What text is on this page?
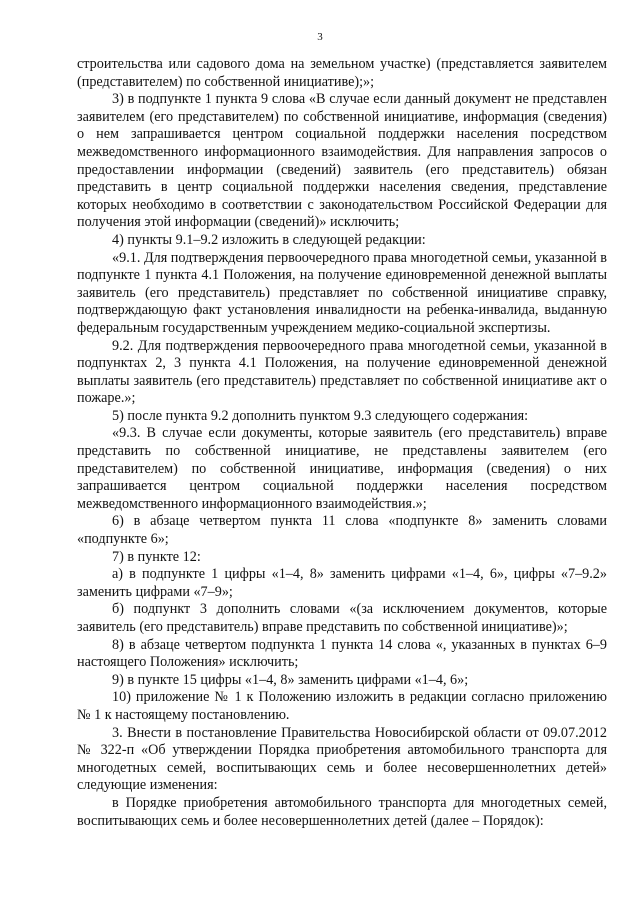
3

строительства или садового дома на земельном участке) (представляется заявителем (представителем) по собственной инициативе);»;

3) в подпункте 1 пункта 9 слова «В случае если данный документ не представлен заявителем (его представителем) по собственной инициативе, информация (сведения) о нем запрашивается центром социальной поддержки населения посредством межведомственного информационного взаимодействия. Для направления запросов о предоставлении информации (сведений) заявитель (его представитель) обязан представить в центр социальной поддержки населения сведения, представление которых необходимо в соответствии с законодательством Российской Федерации для получения этой информации (сведений)» исключить;

4) пункты 9.1–9.2 изложить в следующей редакции:

«9.1. Для подтверждения первоочередного права многодетной семьи, указанной в подпункте 1 пункта 4.1 Положения, на получение единовременной денежной выплаты заявитель (его представитель) представляет по собственной инициативе справку, подтверждающую факт установления инвалидности на ребенка-инвалида, выданную федеральным государственным учреждением медико-социальной экспертизы.

9.2. Для подтверждения первоочередного права многодетной семьи, указанной в подпунктах 2, 3 пункта 4.1 Положения, на получение единовременной денежной выплаты заявитель (его представитель) представляет по собственной инициативе акт о пожаре.»;

5) после пункта 9.2 дополнить пунктом 9.3 следующего содержания:

«9.3. В случае если документы, которые заявитель (его представитель) вправе представить по собственной инициативе, не представлены заявителем (его представителем) по собственной инициативе, информация (сведения) о них запрашивается центром социальной поддержки населения посредством межведомственного информационного взаимодействия.»;

6) в абзаце четвертом пункта 11 слова «подпункте 8» заменить словами «подпункте 6»;

7) в пункте 12:

а) в подпункте 1 цифры «1–4, 8» заменить цифрами «1–4, 6», цифры «7–9.2» заменить цифрами «7–9»;

б) подпункт 3 дополнить словами «(за исключением документов, которые заявитель (его представитель) вправе представить по собственной инициативе)»;

8) в абзаце четвертом подпункта 1 пункта 14 слова «, указанных в пунктах 6–9 настоящего Положения» исключить;

9) в пункте 15 цифры «1–4, 8» заменить цифрами «1–4, 6»;

10) приложение № 1 к Положению изложить в редакции согласно приложению № 1 к настоящему постановлению.

3. Внести в постановление Правительства Новосибирской области от 09.07.2012 № 322-п «Об утверждении Порядка приобретения автомобильного транспорта для многодетных семей, воспитывающих семь и более несовершеннолетних детей» следующие изменения:

в Порядке приобретения автомобильного транспорта для многодетных семей, воспитывающих семь и более несовершеннолетних детей (далее – Порядок):
